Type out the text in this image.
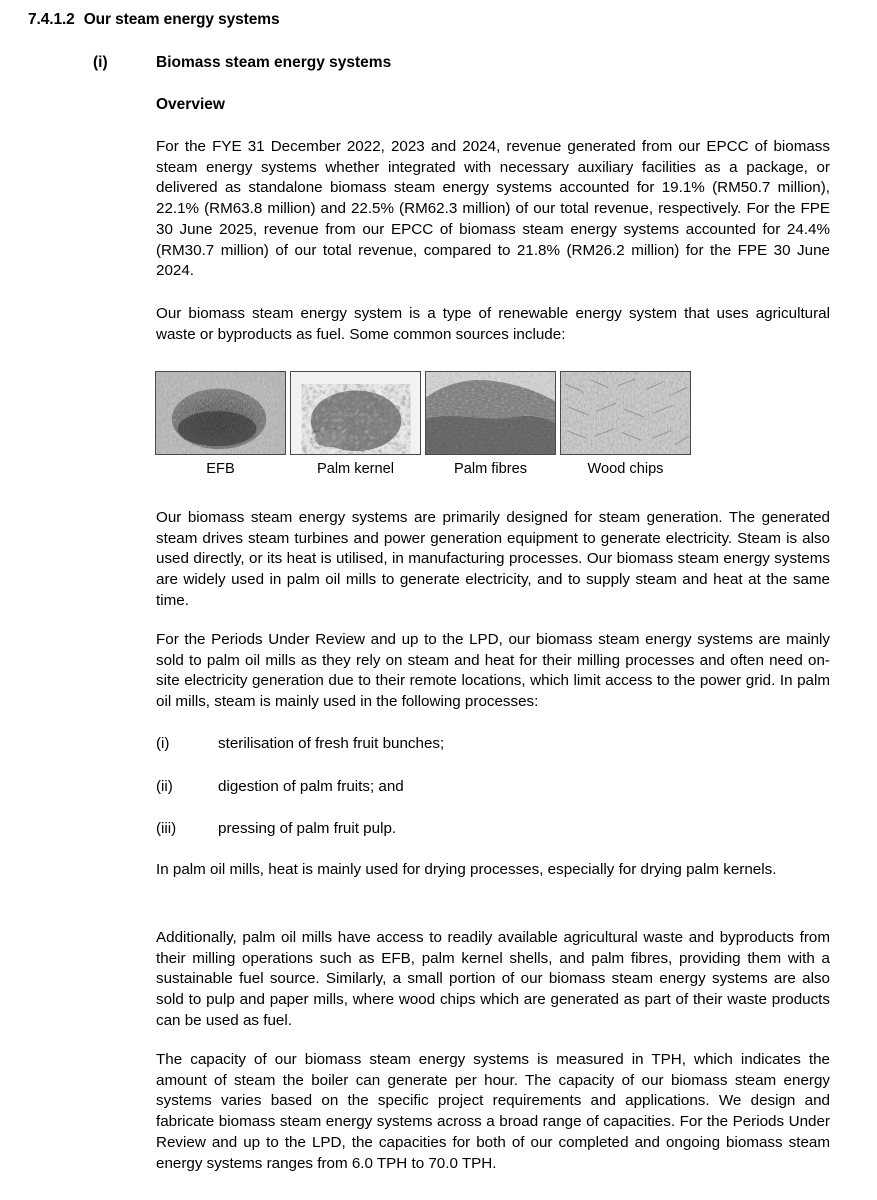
7.4.1.2 Our steam energy systems
(i)	Biomass steam energy systems
Overview

For the FYE 31 December 2022, 2023 and 2024, revenue generated from our EPCC of biomass steam energy systems whether integrated with necessary auxiliary facilities as a package, or delivered as standalone biomass steam energy systems accounted for 19.1% (RM50.7 million), 22.1% (RM63.8 million) and 22.5% (RM62.3 million) of our total revenue, respectively. For the FPE 30 June 2025, revenue from our EPCC of biomass steam energy systems accounted for 24.4% (RM30.7 million) of our total revenue, compared to 21.8% (RM26.2 million) for the FPE 30 June 2024.

Our biomass steam energy system is a type of renewable energy system that uses agricultural waste or byproducts as fuel. Some common sources include:

EFB	Palm kernel	Palm fibres	Wood chips

Our biomass steam energy systems are primarily designed for steam generation. The generated steam drives steam turbines and power generation equipment to generate electricity. Steam is also used directly, or its heat is utilised, in manufacturing processes. Our biomass steam energy systems are widely used in palm oil mills to generate electricity, and to supply steam and heat at the same time.

For the Periods Under Review and up to the LPD, our biomass steam energy systems are mainly sold to palm oil mills as they rely on steam and heat for their milling processes and often need on-site electricity generation due to their remote locations, which limit access to the power grid. In palm oil mills, steam is mainly used in the following processes:

(i)	sterilisation of fresh fruit bunches;
(ii)	digestion of palm fruits; and
(iii)	pressing of palm fruit pulp.

In palm oil mills, heat is mainly used for drying processes, especially for drying palm kernels.

Additionally, palm oil mills have access to readily available agricultural waste and byproducts from their milling operations such as EFB, palm kernel shells, and palm fibres, providing them with a sustainable fuel source. Similarly, a small portion of our biomass steam energy systems are also sold to pulp and paper mills, where wood chips which are generated as part of their waste products can be used as fuel.

The capacity of our biomass steam energy systems is measured in TPH, which indicates the amount of steam the boiler can generate per hour. The capacity of our biomass steam energy systems varies based on the specific project requirements and applications. We design and fabricate biomass steam energy systems across a broad range of capacities. For the Periods Under Review and up to the LPD, the capacities for both of our completed and ongoing biomass steam energy systems ranges from 6.0 TPH to 70.0 TPH.
